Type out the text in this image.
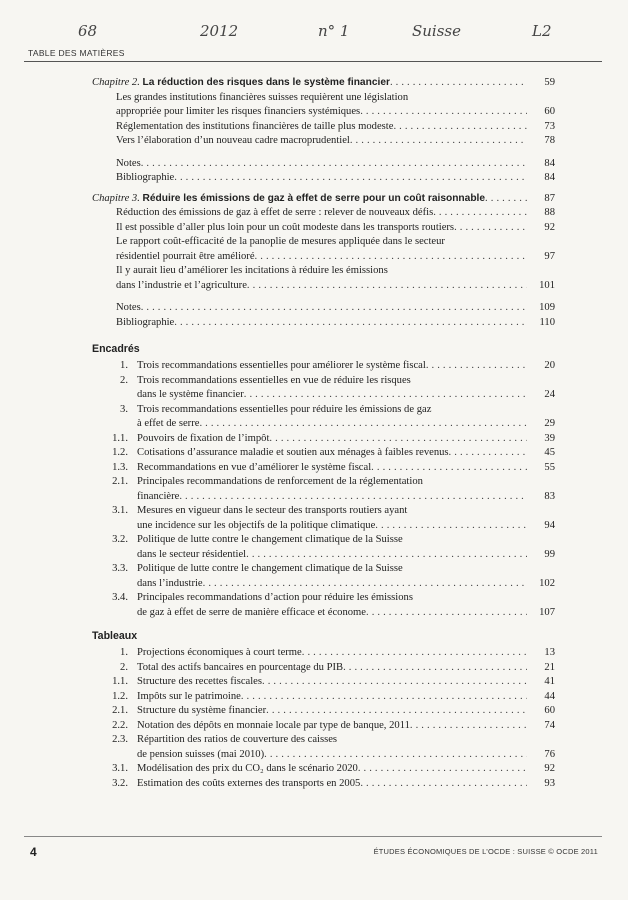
68	2012	n° 1	Suisse	L2
TABLE DES MATIÈRES
Chapitre 2. La réduction des risques dans le système financier . . .	59
Les grandes institutions financières suisses requièrent une législation
appropriée pour limiter les risques financiers systémiques . . .	60
Réglementation des institutions financières de taille plus modeste . . .	73
Vers l’élaboration d’un nouveau cadre macroprudentiel . . .	78
Notes . . .	84
Bibliographie . . .	84
Chapitre 3. Réduire les émissions de gaz à effet de serre pour un coût raisonnable . . .	87
Réduction des émissions de gaz à effet de serre : relever de nouveaux défis . . .	88
Il est possible d’aller plus loin pour un coût modeste dans les transports routiers . . .	92
Le rapport coût-efficacité de la panoplie de mesures appliquée dans le secteur
résidentiel pourrait être amélioré . . .	97
Il y aurait lieu d’améliorer les incitations à réduire les émissions
dans l’industrie et l’agriculture . . .	101
Notes . . .	109
Bibliographie . . .	110
Encadrés
1. Trois recommandations essentielles pour améliorer le système fiscal . . .	20
2. Trois recommandations essentielles en vue de réduire les risques
dans le système financier . . .	24
3. Trois recommandations essentielles pour réduire les émissions de gaz
à effet de serre . . .	29
1.1. Pouvoirs de fixation de l’impôt . . .	39
1.2. Cotisations d’assurance maladie et soutien aux ménages à faibles revenus . . .	45
1.3. Recommandations en vue d’améliorer le système fiscal . . .	55
2.1. Principales recommandations de renforcement de la réglementation
financière . . .	83
3.1. Mesures en vigueur dans le secteur des transports routiers ayant
une incidence sur les objectifs de la politique climatique . . .	94
3.2. Politique de lutte contre le changement climatique de la Suisse
dans le secteur résidentiel . . .	99
3.3. Politique de lutte contre le changement climatique de la Suisse
dans l’industrie . . .	102
3.4. Principales recommandations d’action pour réduire les émissions
de gaz à effet de serre de manière efficace et économe . . .	107
Tableaux
1. Projections économiques à court terme . . .	13
2. Total des actifs bancaires en pourcentage du PIB . . .	21
1.1. Structure des recettes fiscales . . .	41
1.2. Impôts sur le patrimoine . . .	44
2.1. Structure du système financier . . .	60
2.2. Notation des dépôts en monnaie locale par type de banque, 2011 . . .	74
2.3. Répartition des ratios de couverture des caisses
de pension suisses (mai 2010) . . .	76
3.1. Modélisation des prix du CO₂ dans le scénario 2020 . . .	92
3.2. Estimation des coûts externes des transports en 2005 . . .	93
4	ÉTUDES ÉCONOMIQUES DE L’OCDE : SUISSE © OCDE 2011
